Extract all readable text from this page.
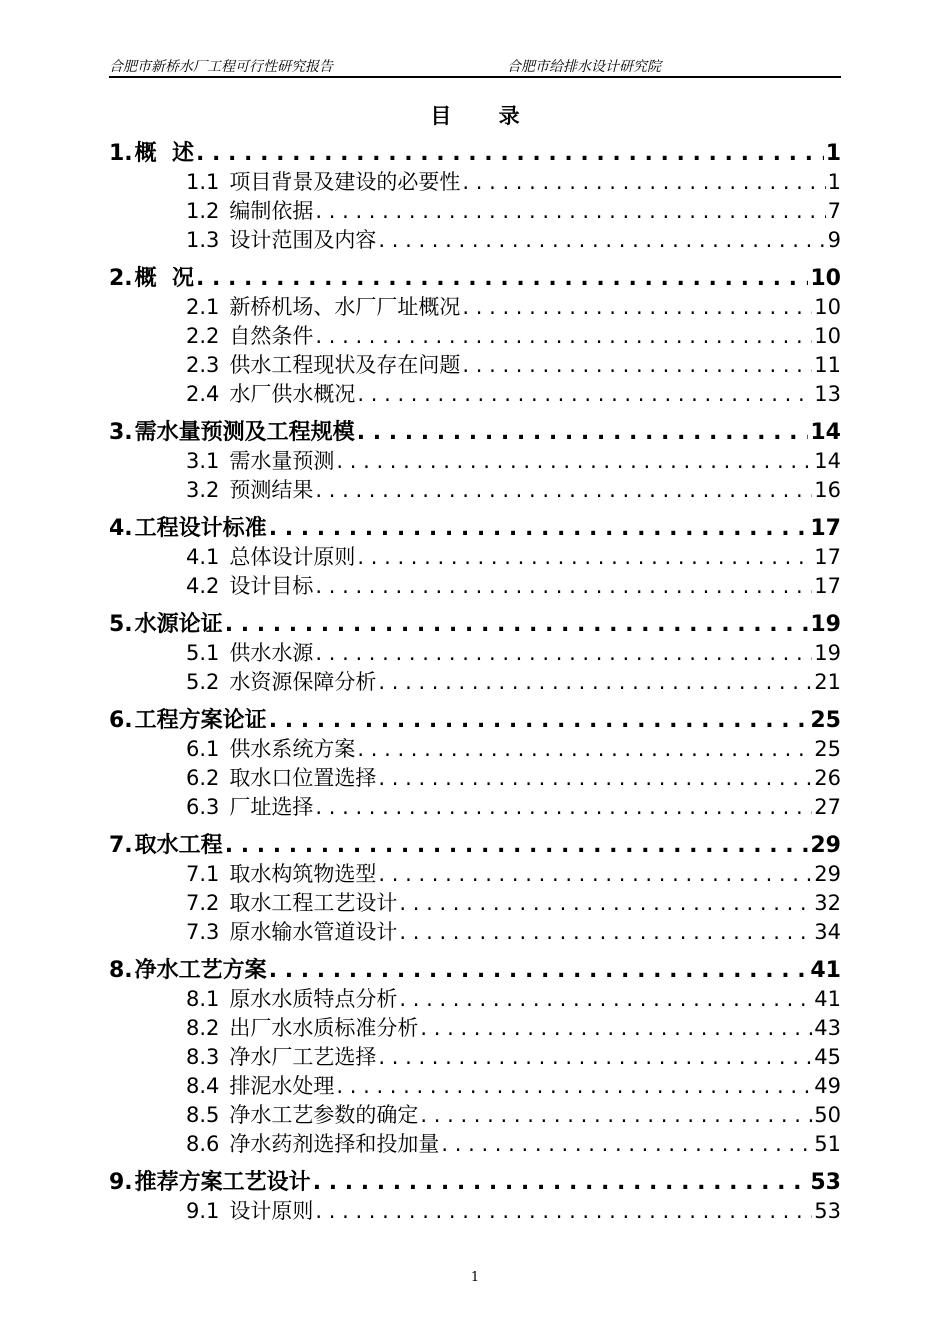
合肥市新桥水厂工程可行性研究报告	合肥市给排水设计研究院
目 录
1. 概  述 . . .	1
1.1 项目背景及建设的必要性 . . .	1
1.2 编制依据 . . .	7
1.3 设计范围及内容 . . .	9
2. 概  况 . . .	10
2.1 新桥机场、水厂厂址概况 . . .	10
2.2 自然条件 . . .	10
2.3 供水工程现状及存在问题 . . .	11
2.4 水厂供水概况 . . .	13
3. 需水量预测及工程规模 . . .	14
3.1 需水量预测 . . .	14
3.2 预测结果 . . .	16
4. 工程设计标准 . . .	17
4.1 总体设计原则 . . .	17
4.2 设计目标 . . .	17
5. 水源论证 . . .	19
5.1 供水水源 . . .	19
5.2 水资源保障分析 . . .	21
6. 工程方案论证 . . .	25
6.1 供水系统方案 . . .	25
6.2 取水口位置选择 . . .	26
6.3 厂址选择 . . .	27
7. 取水工程 . . .	29
7.1 取水构筑物选型 . . .	29
7.2 取水工程工艺设计 . . .	32
7.3 原水输水管道设计 . . .	34
8. 净水工艺方案 . . .	41
8.1 原水水质特点分析 . . .	41
8.2 出厂水水质标准分析 . . .	43
8.3 净水厂工艺选择 . . .	45
8.4 排泥水处理 . . .	49
8.5 净水工艺参数的确定 . . .	50
8.6 净水药剂选择和投加量 . . .	51
9. 推荐方案工艺设计 . . .	53
9.1 设计原则 . . .	53
1
